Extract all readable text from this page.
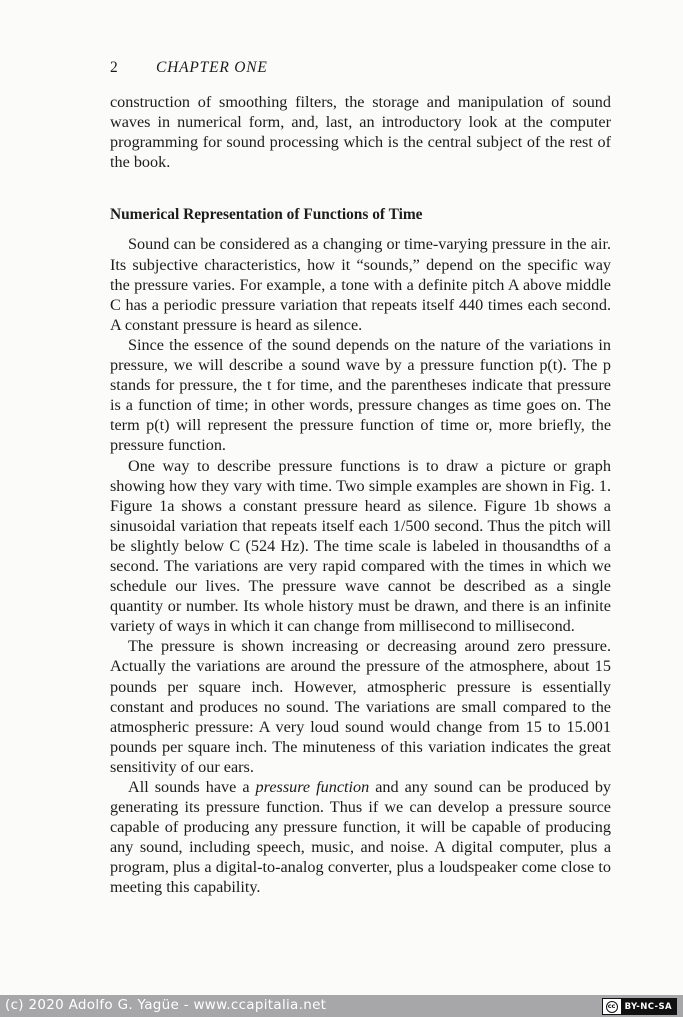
2 CHAPTER ONE

construction of smoothing filters, the storage and manipulation of sound waves in numerical form, and, last, an introductory look at the computer programming for sound processing which is the central subject of the rest of the book.

Numerical Representation of Functions of Time

Sound can be considered as a changing or time-varying pressure in the air. Its subjective characteristics, how it “sounds,” depend on the specific way the pressure varies. For example, a tone with a definite pitch A above middle C has a periodic pressure variation that repeats itself 440 times each second. A constant pressure is heard as silence.

Since the essence of the sound depends on the nature of the variations in pressure, we will describe a sound wave by a pressure function p(t). The p stands for pressure, the t for time, and the parentheses indicate that pressure is a function of time; in other words, pressure changes as time goes on. The term p(t) will represent the pressure function of time or, more briefly, the pressure function.

One way to describe pressure functions is to draw a picture or graph showing how they vary with time. Two simple examples are shown in Fig. 1. Figure 1a shows a constant pressure heard as silence. Figure 1b shows a sinusoidal variation that repeats itself each 1/500 second. Thus the pitch will be slightly below C (524 Hz). The time scale is labeled in thousandths of a second. The variations are very rapid compared with the times in which we schedule our lives. The pressure wave cannot be described as a single quantity or number. Its whole history must be drawn, and there is an infinite variety of ways in which it can change from millisecond to millisecond.

The pressure is shown increasing or decreasing around zero pressure. Actually the variations are around the pressure of the atmosphere, about 15 pounds per square inch. However, atmospheric pressure is essentially constant and produces no sound. The variations are small compared to the atmospheric pressure: A very loud sound would change from 15 to 15.001 pounds per square inch. The minuteness of this variation indicates the great sensitivity of our ears.

All sounds have a pressure function and any sound can be produced by generating its pressure function. Thus if we can develop a pressure source capable of producing any pressure function, it will be capable of producing any sound, including speech, music, and noise. A digital computer, plus a program, plus a digital-to-analog converter, plus a loudspeaker come close to meeting this capability.

(c) 2020 Adolfo G. Yagüe - www.ccapitalia.net	cc	BY-NC-SA
